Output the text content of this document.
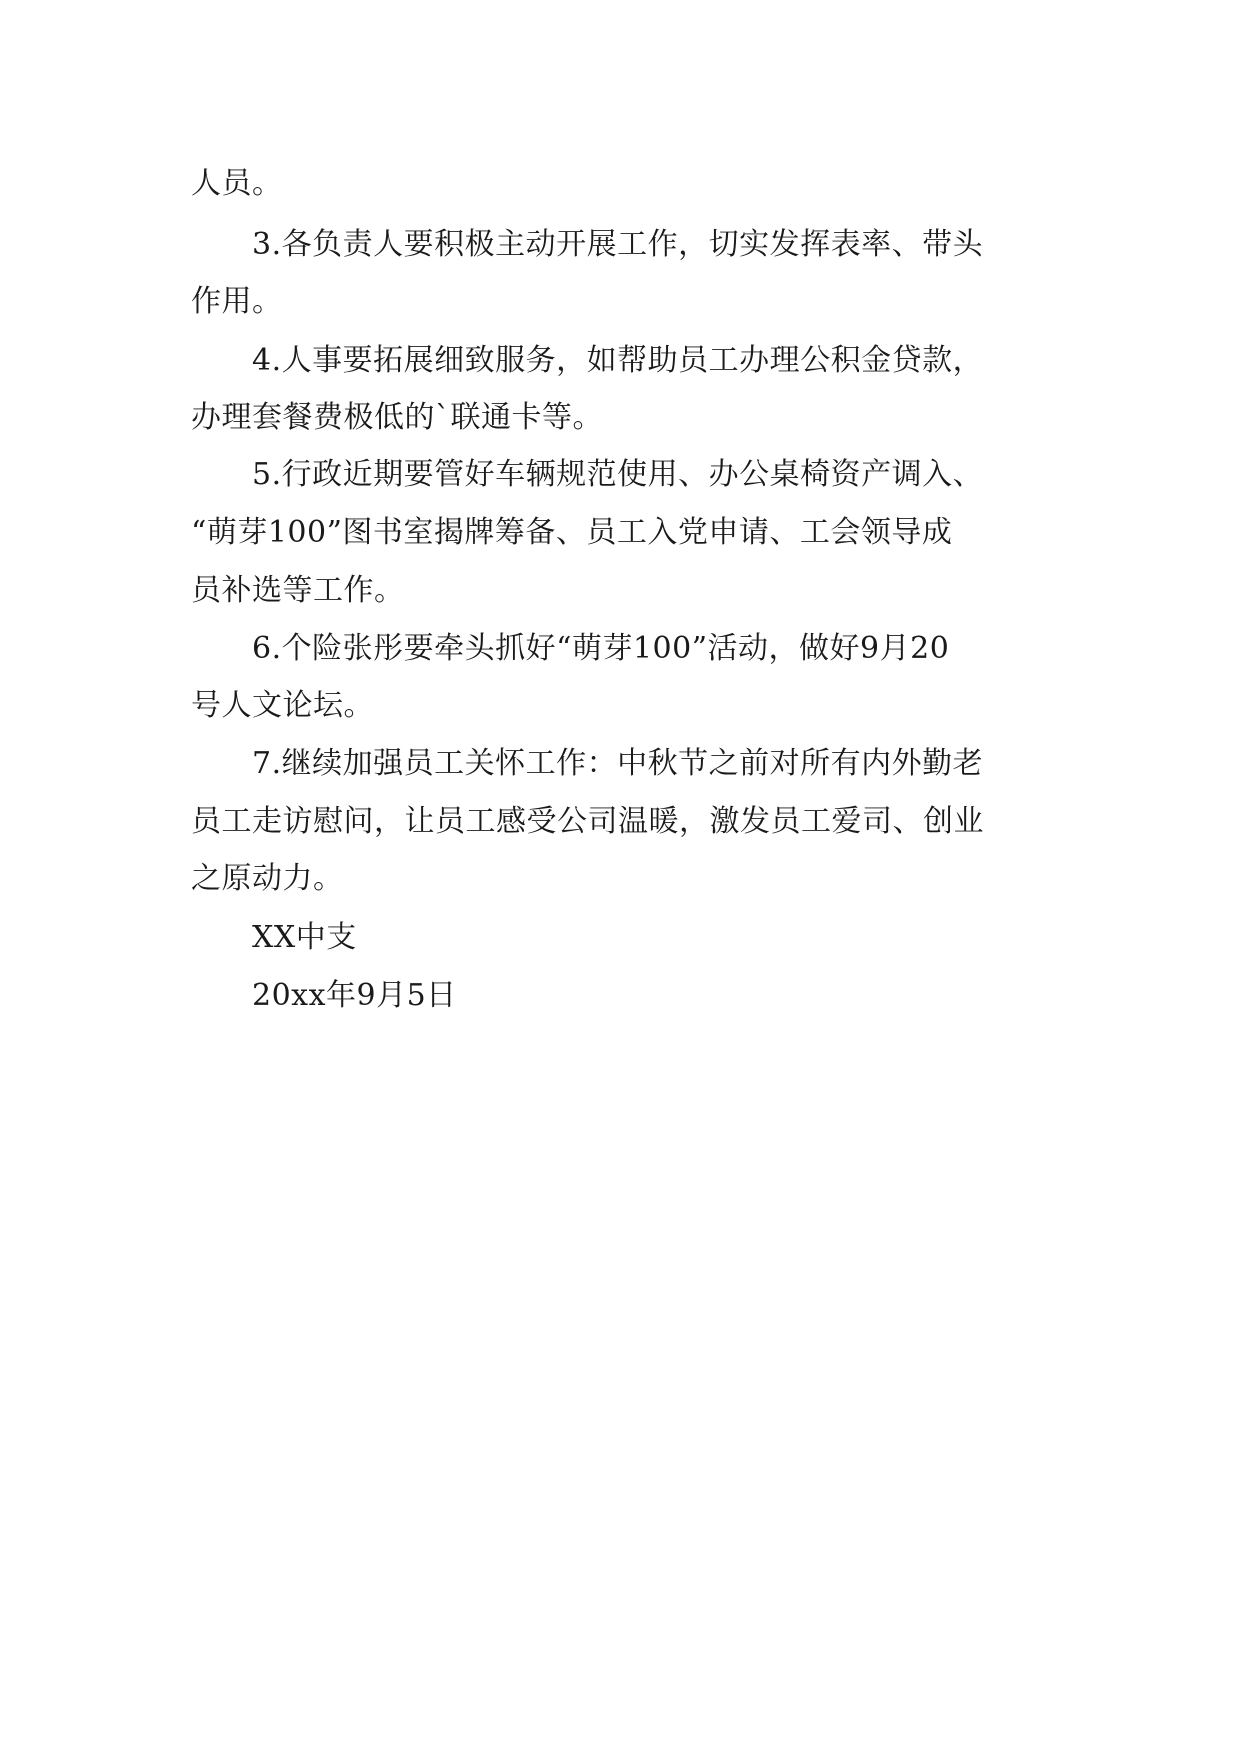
人员。
3.各负责人要积极主动开展工作，切实发挥表率、带头
作用。
4.人事要拓展细致服务，如帮助员工办理公积金贷款，
办理套餐费极低的`联通卡等。
5.行政近期要管好车辆规范使用、办公桌椅资产调入、
“萌芽100”图书室揭牌筹备、员工入党申请、工会领导成
员补选等工作。
6.个险张彤要牵头抓好“萌芽100”活动，做好9月20
号人文论坛。
7.继续加强员工关怀工作：中秋节之前对所有内外勤老
员工走访慰问，让员工感受公司温暖，激发员工爱司、创业
之原动力。
XX中支
20xx年9月5日
